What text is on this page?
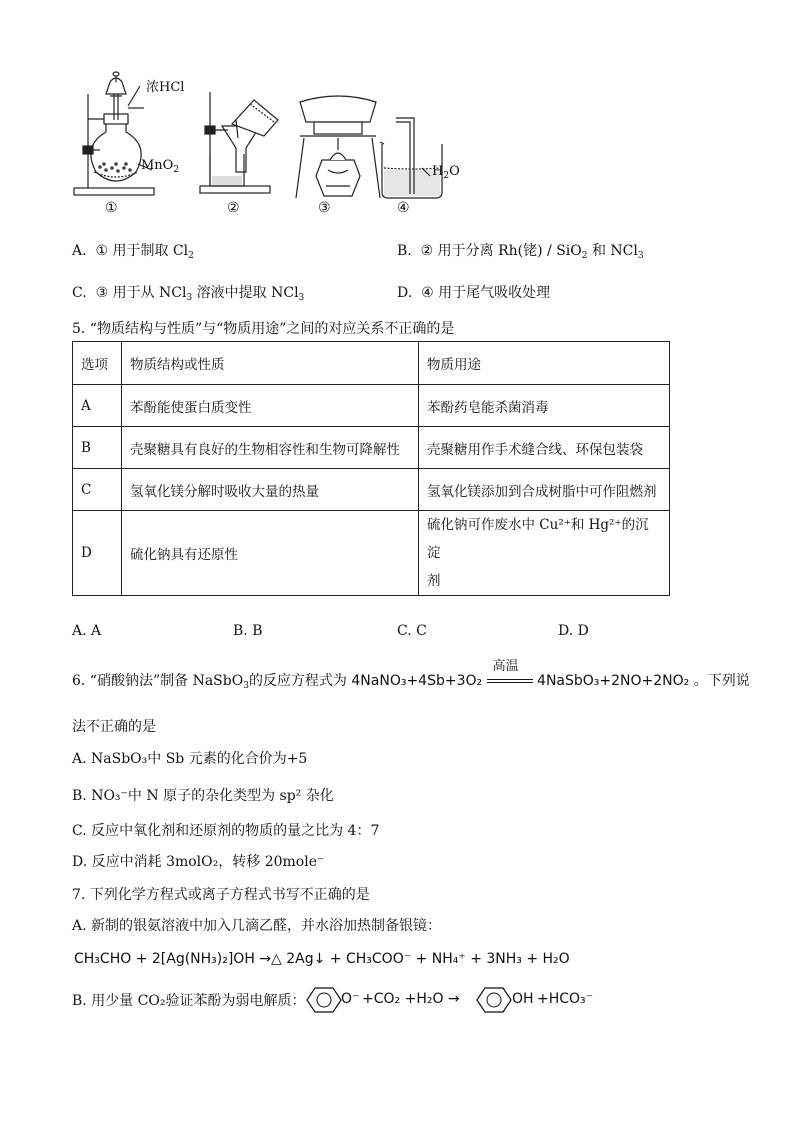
浓HCl
MnO$_2$	$H_2O$
①	②	③	④
A. ① 用于制取 $Cl_2$	B. ② 用于分离 Rh(铑) / SiO$_2$ 和 NCl$_3$
C. ③ 用于从 NCl$_3$ 溶液中提取 NCl$_3$	D. ④ 用于尾气吸收处理
5. “物质结构与性质”与“物质用途”之间的对应关系不正确的是
选项	物质结构或性质	物质用途
A	苯酚能使蛋白质变性	苯酚药皂能杀菌消毒
B	壳聚糖具有良好的生物相容性和生物可降解性	壳聚糖用作手术缝合线、环保包装袋
C	氢氧化镁分解时吸收大量的热量	氢氧化镁添加到合成树脂中可作阻燃剂
D	硫化钠具有还原性	硫化钠可作废水中 Cu²⁺和 Hg²⁺的沉淀
剂
A. A	B. B	C. C	D. D
6. “硝酸钠法”制备 NaSbO$_3$的反应方程式为 4NaNO₃+4Sb+3O₂
高温
4NaSbO₃+2NO+2NO₂ 。下列说
法不正确的是
A. NaSbO₃中 Sb 元素的化合价为+5
B. NO₃⁻中 N 原子的杂化类型为 sp² 杂化
C. 反应中氧化剂和还原剂的物质的量之比为 4：7
D. 反应中消耗 3molO₂，转移 20mole⁻
7. 下列化学方程式或离子方程式书写不正确的是
A. 新制的银氨溶液中加入几滴乙醛，并水浴加热制备银镜：
CH₃CHO + 2[Ag(NH₃)₂]OH →△ 2Ag↓ + CH₃COO⁻ + NH₄⁺ + 3NH₃ + H₂O
B. 用少量 CO₂验证苯酚为弱电解质：	O⁻ +CO₂ +H₂O →	OH +HCO₃⁻
